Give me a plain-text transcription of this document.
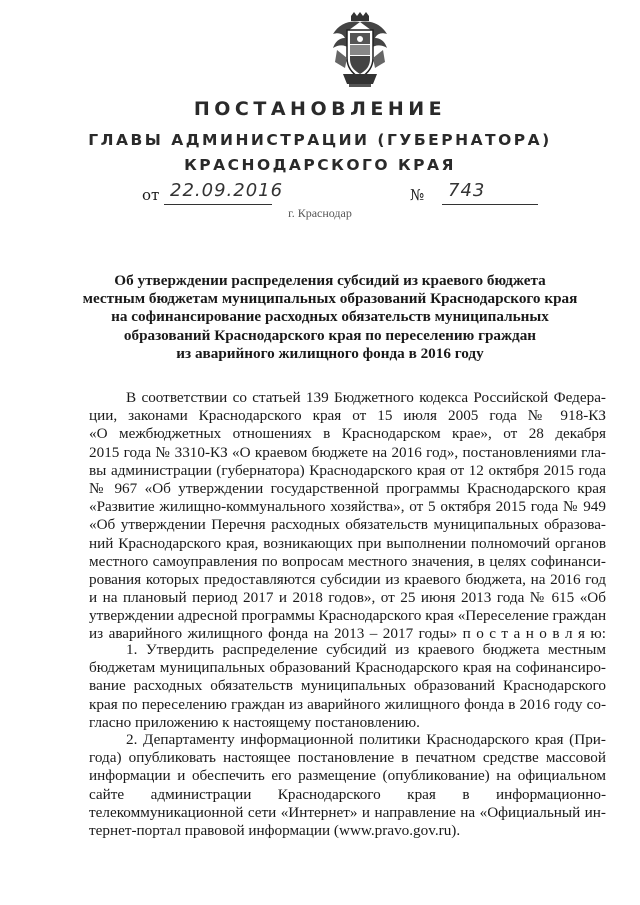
ПОСТАНОВЛЕНИЕ
ГЛАВЫ АДМИНИСТРАЦИИ (ГУБЕРНАТОРА)
КРАСНОДАРСКОГО КРАЯ
от 22.09.2016	№	743
г. Краснодар
Об утверждении распределения субсидий из краевого бюджета
местным бюджетам муниципальных образований Краснодарского края
на софинансирование расходных обязательств муниципальных
образований Краснодарского края по переселению граждан
из аварийного жилищного фонда в 2016 году
В соответствии со статьей 139 Бюджетного кодекса Российской Федера-
ции, законами Краснодарского края от 15 июля 2005 года № 918-КЗ
«О межбюджетных отношениях в Краснодарском крае», от 28 декабря
2015 года № 3310-КЗ «О краевом бюджете на 2016 год», постановлениями гла-
вы администрации (губернатора) Краснодарского края от 12 октября 2015 года
№ 967 «Об утверждении государственной программы Краснодарского края
«Развитие жилищно-коммунального хозяйства», от 5 октября 2015 года № 949
«Об утверждении Перечня расходных обязательств муниципальных образова-
ний Краснодарского края, возникающих при выполнении полномочий органов
местного самоуправления по вопросам местного значения, в целях софинанси-
рования которых предоставляются субсидии из краевого бюджета, на 2016 год
и на плановый период 2017 и 2018 годов», от 25 июня 2013 года № 615 «Об
утверждении адресной программы Краснодарского края «Переселение граждан
из аварийного жилищного фонда на 2013 – 2017 годы» п о с т а н о в л я ю:
1. Утвердить распределение субсидий из краевого бюджета местным
бюджетам муниципальных образований Краснодарского края на софинансиро-
вание расходных обязательств муниципальных образований Краснодарского
края по переселению граждан из аварийного жилищного фонда в 2016 году со-
гласно приложению к настоящему постановлению.
2. Департаменту информационной политики Краснодарского края (При-
года) опубликовать настоящее постановление в печатном средстве массовой
информации и обеспечить его размещение (опубликование) на официальном
сайте администрации Краснодарского края в информационно-
телекоммуникационной сети «Интернет» и направление на «Официальный ин-
тернет-портал правовой информации (www.pravo.gov.ru).
